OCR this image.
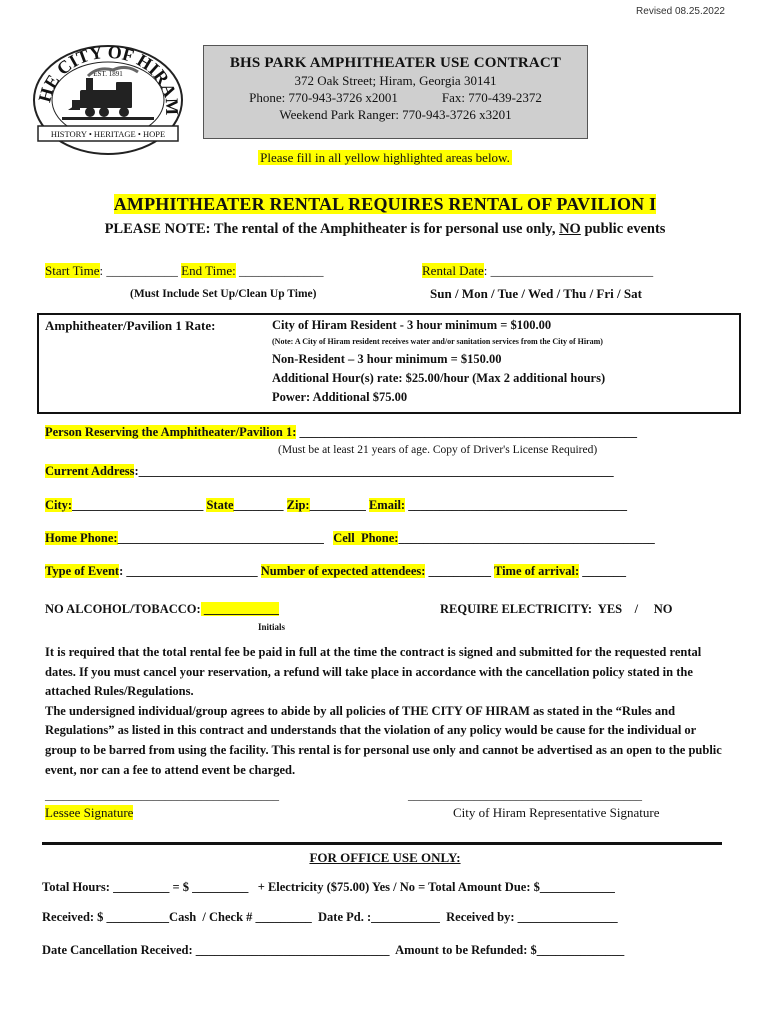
Revised 08.25.2022
HE CITY OF HIRAM
EST. 1891
HISTORY • HERITAGE • HOPE
BHS PARK AMPHITHEATER USE CONTRACT
372 Oak Street; Hiram, Georgia 30141
Phone: 770-943-3726 x2001	Fax: 770-439-2372
Weekend Park Ranger: 770-943-3726 x3201
Please fill in all yellow highlighted areas below.
AMPHITHEATER RENTAL REQUIRES RENTAL OF PAVILION I
PLEASE NOTE: The rental of the Amphitheater is for personal use only, NO public events
Start Time: ___________ End Time: _____________	Rental Date: _________________________
(Must Include Set Up/Clean Up Time)	Sun / Mon / Tue / Wed / Thu / Fri / Sat
Amphitheater/Pavilion 1 Rate:	City of Hiram Resident - 3 hour minimum = $100.00
(Note: A City of Hiram resident receives water and/or sanitation services from the City of Hiram)
Non-Resident – 3 hour minimum = $150.00
Additional Hour(s) rate: $25.00/hour (Max 2 additional hours)
Power: Additional $75.00
Person Reserving the Amphitheater/Pavilion 1: ______________________________________________________
(Must be at least 21 years of age. Copy of Driver's License Required)
Current Address:____________________________________________________________________________
City:_____________________ State________ Zip:_________ Email: ___________________________________
Home Phone:_________________________________ Cell  Phone:_________________________________________
Type of Event: _____________________ Number of expected attendees: __________ Time of arrival: _______
NO ALCOHOL/TOBACCO: ____________
Initials
REQUIRE ELECTRICITY:  YES    /     NO

It is required that the total rental fee be paid in full at the time the contract is signed and submitted for the requested rental dates. If you must cancel your reservation, a refund will take place in accordance with the cancellation policy stated in the attached Rules/Regulations.

The undersigned individual/group agrees to abide by all policies of THE CITY OF HIRAM as stated in the “Rules and Regulations” as listed in this contract and understands that the violation of any policy would be cause for the individual or group to be barred from using the facility. This rental is for personal use only and cannot be advertised as an open to the public event, nor can a fee to attend event be charged.

_______________________________________	_______________________________________
Lessee Signature	City of Hiram Representative Signature
FOR OFFICE USE ONLY:
Total Hours: _________ = $ _________   + Electricity ($75.00) Yes / No = Total Amount Due: $____________
Received: $ __________Cash  / Check # _________  Date Pd. :___________  Received by: ________________
Date Cancellation Received: _______________________________  Amount to be Refunded: $______________
